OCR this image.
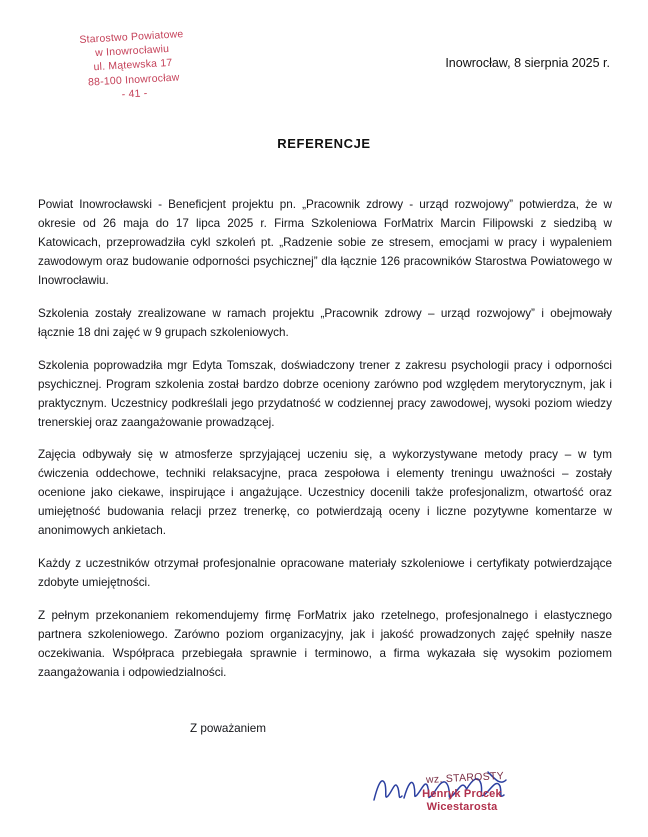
Starostwo Powiatowe
w Inowrocławiu
ul. Mątewska 17
88-100 Inowrocław
- 41 -
Inowrocław, 8 sierpnia 2025 r.
REFERENCJE

Powiat Inowrocławski - Beneficjent projektu pn. „Pracownik zdrowy - urząd rozwojowy” potwierdza, że w okresie od 26 maja do 17 lipca 2025 r. Firma Szkoleniowa ForMatrix Marcin Filipowski z siedzibą w Katowicach, przeprowadziła cykl szkoleń pt. „Radzenie sobie ze stresem, emocjami w pracy i wypaleniem zawodowym oraz budowanie odporności psychicznej” dla łącznie 126 pracowników Starostwa Powiatowego w Inowrocławiu.

Szkolenia zostały zrealizowane w ramach projektu „Pracownik zdrowy – urząd rozwojowy” i obejmowały łącznie 18 dni zajęć w 9 grupach szkoleniowych.

Szkolenia poprowadziła mgr Edyta Tomszak, doświadczony trener z zakresu psychologii pracy i odporności psychicznej. Program szkolenia został bardzo dobrze oceniony zarówno pod względem merytorycznym, jak i praktycznym. Uczestnicy podkreślali jego przydatność w codziennej pracy zawodowej, wysoki poziom wiedzy trenerskiej oraz zaangażowanie prowadzącej.

Zajęcia odbywały się w atmosferze sprzyjającej uczeniu się, a wykorzystywane metody pracy – w tym ćwiczenia oddechowe, techniki relaksacyjne, praca zespołowa i elementy treningu uważności – zostały ocenione jako ciekawe, inspirujące i angażujące. Uczestnicy docenili także profesjonalizm, otwartość oraz umiejętność budowania relacji przez trenerkę, co potwierdzają oceny i liczne pozytywne komentarze w anonimowych ankietach.

Każdy z uczestników otrzymał profesjonalnie opracowane materiały szkoleniowe i certyfikaty potwierdzające zdobyte umiejętności.

Z pełnym przekonaniem rekomendujemy firmę ForMatrix jako rzetelnego, profesjonalnego i elastycznego partnera szkoleniowego. Zarówno poziom organizacyjny, jak i jakość prowadzonych zajęć spełniły nasze oczekiwania. Współpraca przebiegała sprawnie i terminowo, a firma wykazała się wysokim poziomem zaangażowania i odpowiedzialności.

Z poważaniem
wz. STAROSTY
Henryk Procek
Wicestarosta
